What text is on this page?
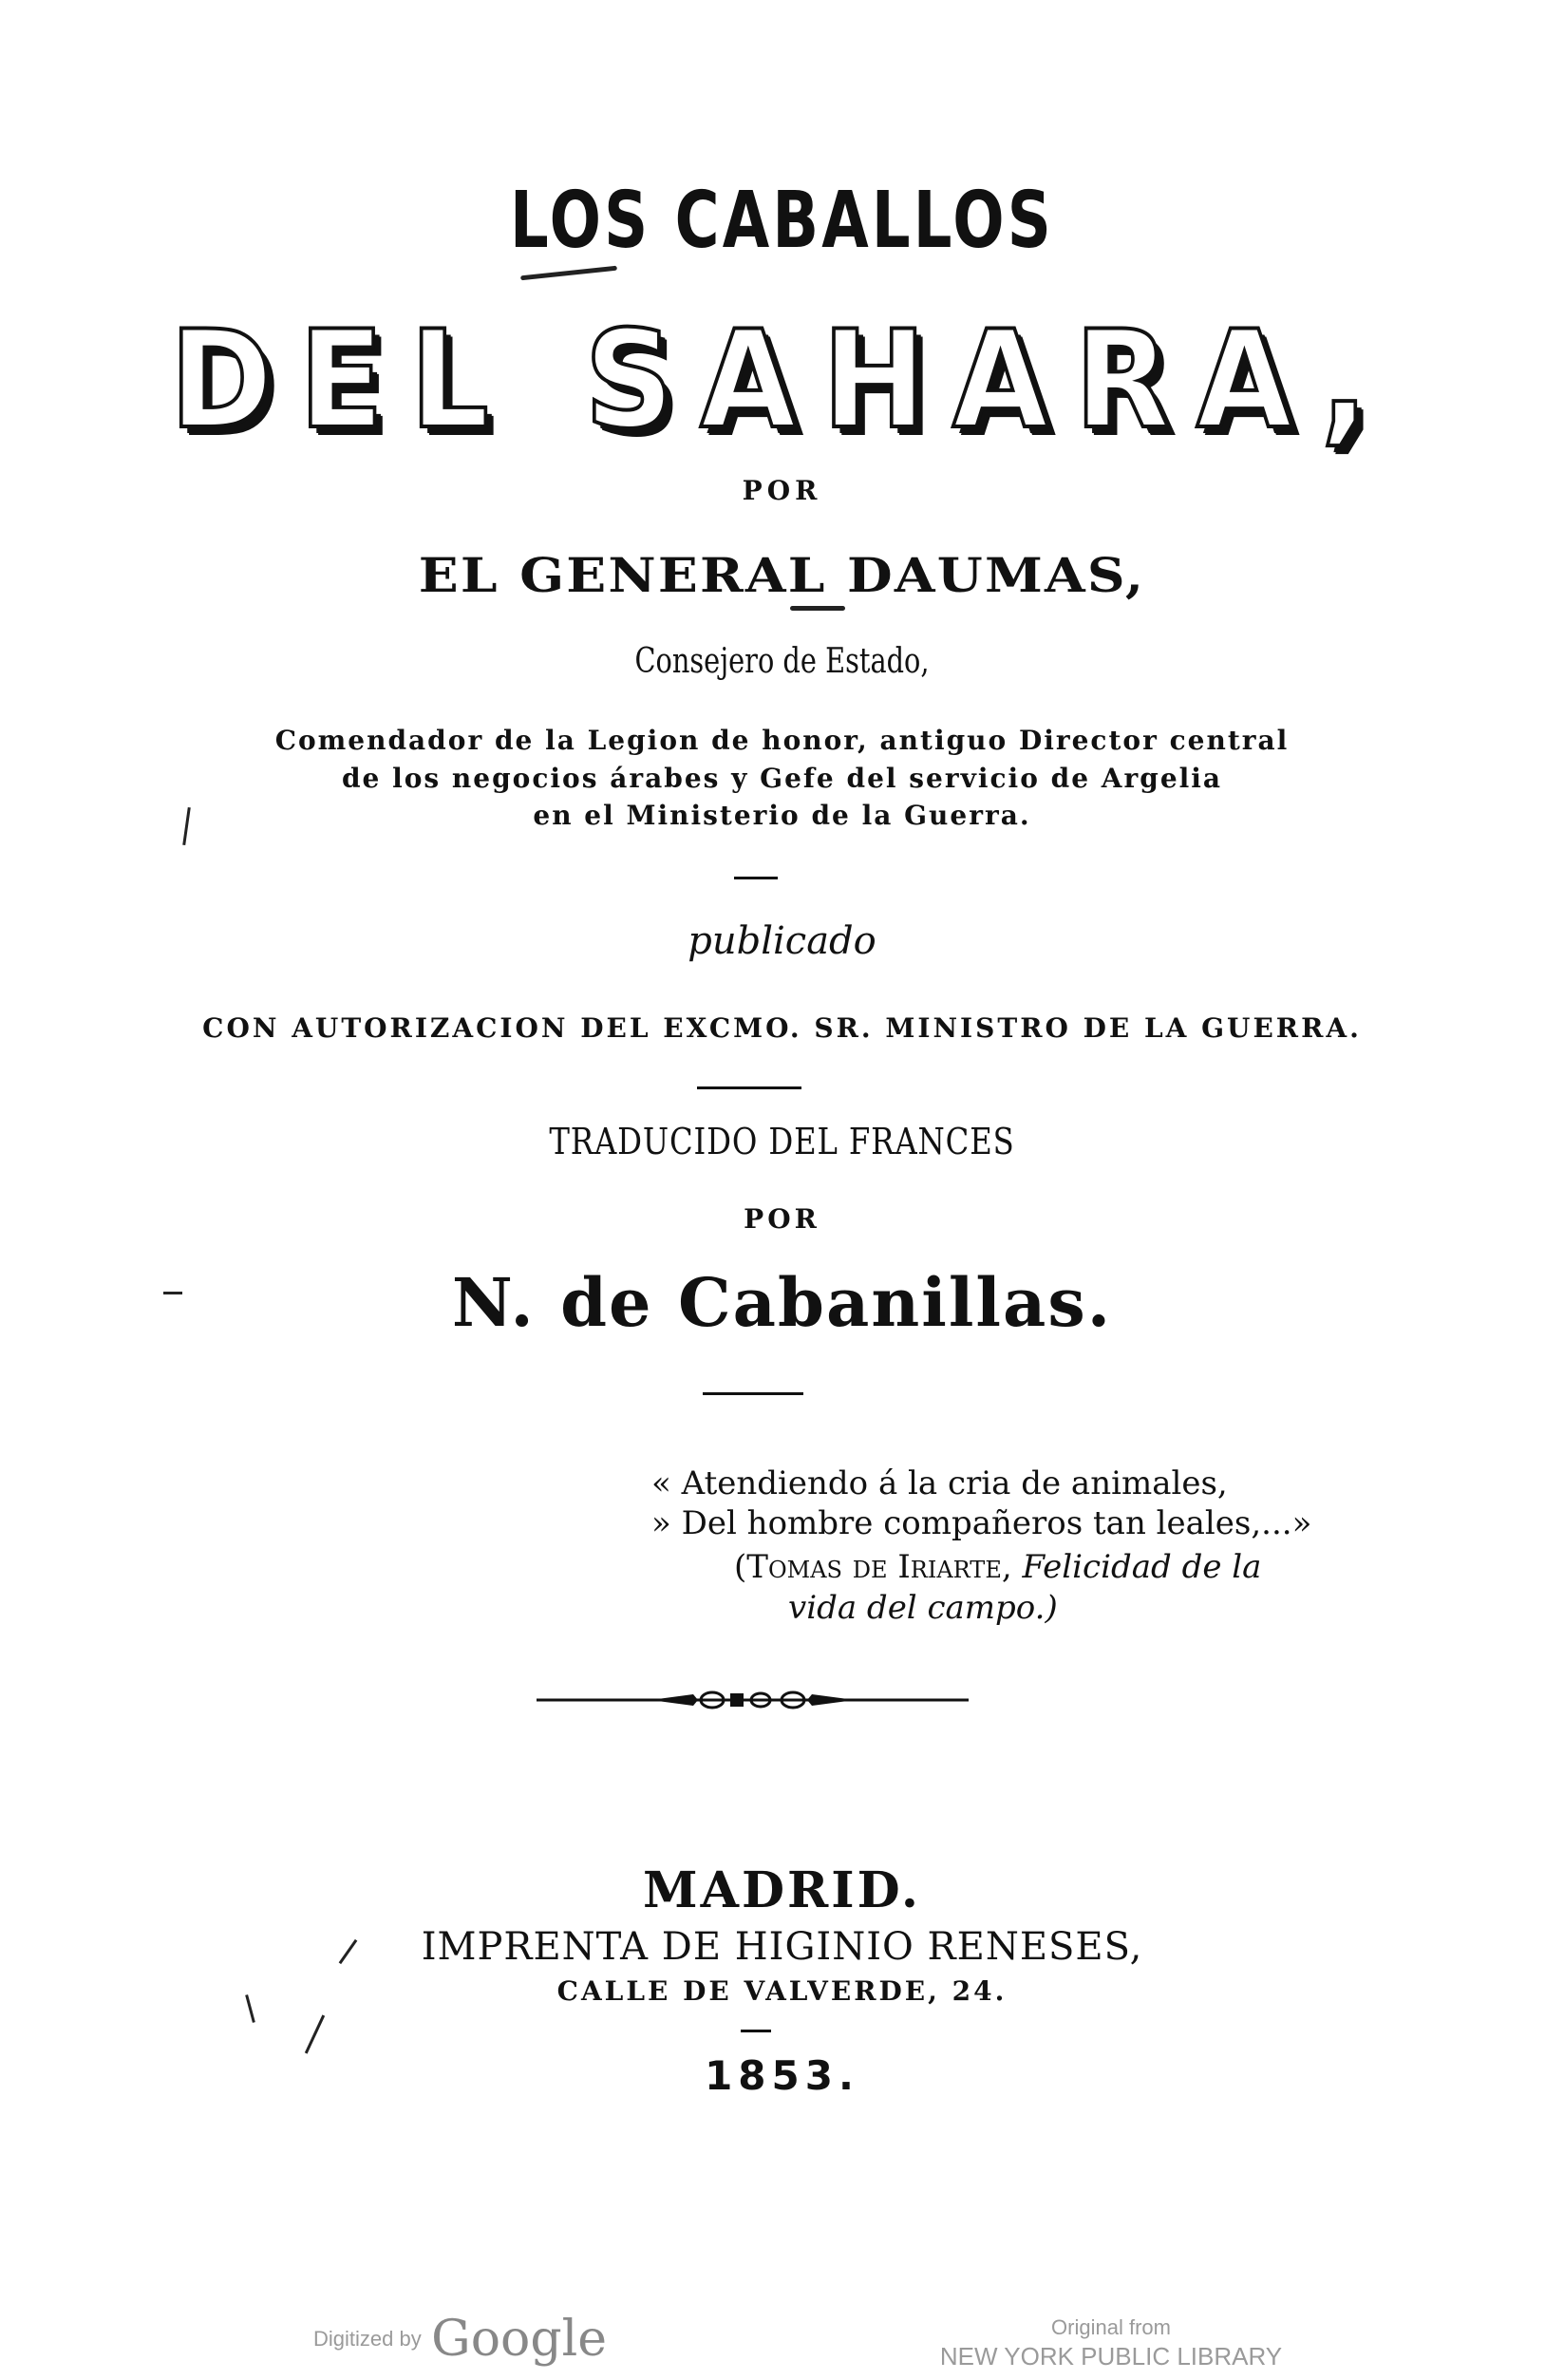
LOS CABALLOS
DEL SAHARA,
POR
EL GENERAL DAUMAS,
Consejero de Estado,
Comendador de la Legion de honor, antiguo Director central
de los negocios árabes y Gefe del servicio de Argelia
en el Ministerio de la Guerra.
publicado
CON AUTORIZACION DEL EXCMO. SR. MINISTRO DE LA GUERRA.
TRADUCIDO DEL FRANCES
POR
N. de Cabanillas.
« Atendiendo á la cria de animales,
» Del hombre compañeros tan leales,...»
(Tomas de Iriarte, Felicidad de la
vida del campo.)
MADRID.
IMPRENTA DE HIGINIO RENESES,
CALLE DE VALVERDE, 24.
1853.
Digitized by Google	Original from
NEW YORK PUBLIC LIBRARY
